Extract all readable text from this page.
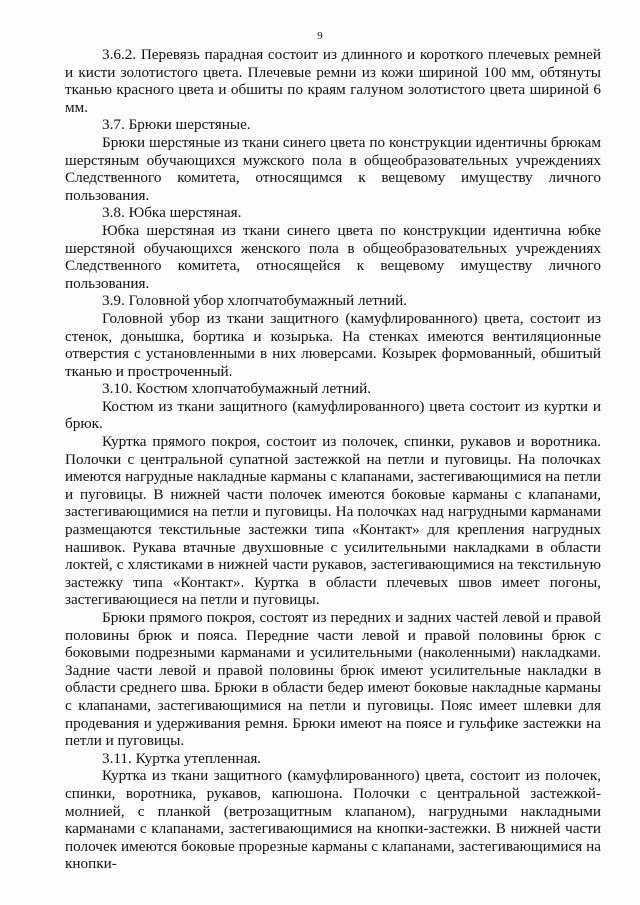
9

3.6.2. Перевязь парадная состоит из длинного и короткого плечевых ремней и кисти золотистого цвета. Плечевые ремни из кожи шириной 100 мм, обтянуты тканью красного цвета и обшиты по краям галуном золотистого цвета шириной 6 мм.

3.7. Брюки шерстяные.

Брюки шерстяные из ткани синего цвета по конструкции идентичны брюкам шерстяным обучающихся мужского пола в общеобразовательных учреждениях Следственного комитета, относящимся к вещевому имуществу личного пользования.

3.8. Юбка шерстяная.

Юбка шерстяная из ткани синего цвета по конструкции идентична юбке шерстяной обучающихся женского пола в общеобразовательных учреждениях Следственного комитета, относящейся к вещевому имуществу личного пользования.

3.9. Головной убор хлопчатобумажный летний.

Головной убор из ткани защитного (камуфлированного) цвета, состоит из стенок, донышка, бортика и козырька. На стенках имеются вентиляционные отверстия с установленными в них люверсами. Козырек формованный, обшитый тканью и простроченный.

3.10. Костюм хлопчатобумажный летний.

Костюм из ткани защитного (камуфлированного) цвета состоит из куртки и брюк.

Куртка прямого покроя, состоит из полочек, спинки, рукавов и воротника. Полочки с центральной супатной застежкой на петли и пуговицы. На полочках имеются нагрудные накладные карманы с клапанами, застегивающимися на петли и пуговицы. В нижней части полочек имеются боковые карманы с клапанами, застегивающимися на петли и пуговицы. На полочках над нагрудными карманами размещаются текстильные застежки типа «Контакт» для крепления нагрудных нашивок. Рукава втачные двухшовные с усилительными накладками в области локтей, с хлястиками в нижней части рукавов, застегивающимися на текстильную застежку типа «Контакт». Куртка в области плечевых швов имеет погоны, застегивающиеся на петли и пуговицы.

Брюки прямого покроя, состоят из передних и задних частей левой и правой половины брюк и пояса. Передние части левой и правой половины брюк с боковыми подрезными карманами и усилительными (наколенными) накладками. Задние части левой и правой половины брюк имеют усилительные накладки в области среднего шва. Брюки в области бедер имеют боковые накладные карманы с клапанами, застегивающимися на петли и пуговицы. Пояс имеет шлевки для продевания и удерживания ремня. Брюки имеют на поясе и гульфике застежки на петли и пуговицы.

3.11. Куртка утепленная.

Куртка из ткани защитного (камуфлированного) цвета, состоит из полочек, спинки, воротника, рукавов, капюшона. Полочки с центральной застежкой-молнией, с планкой (ветрозащитным клапаном), нагрудными накладными карманами с клапанами, застегивающимися на кнопки-застежки. В нижней части полочек имеются боковые прорезные карманы с клапанами, застегивающимися на кнопки-
